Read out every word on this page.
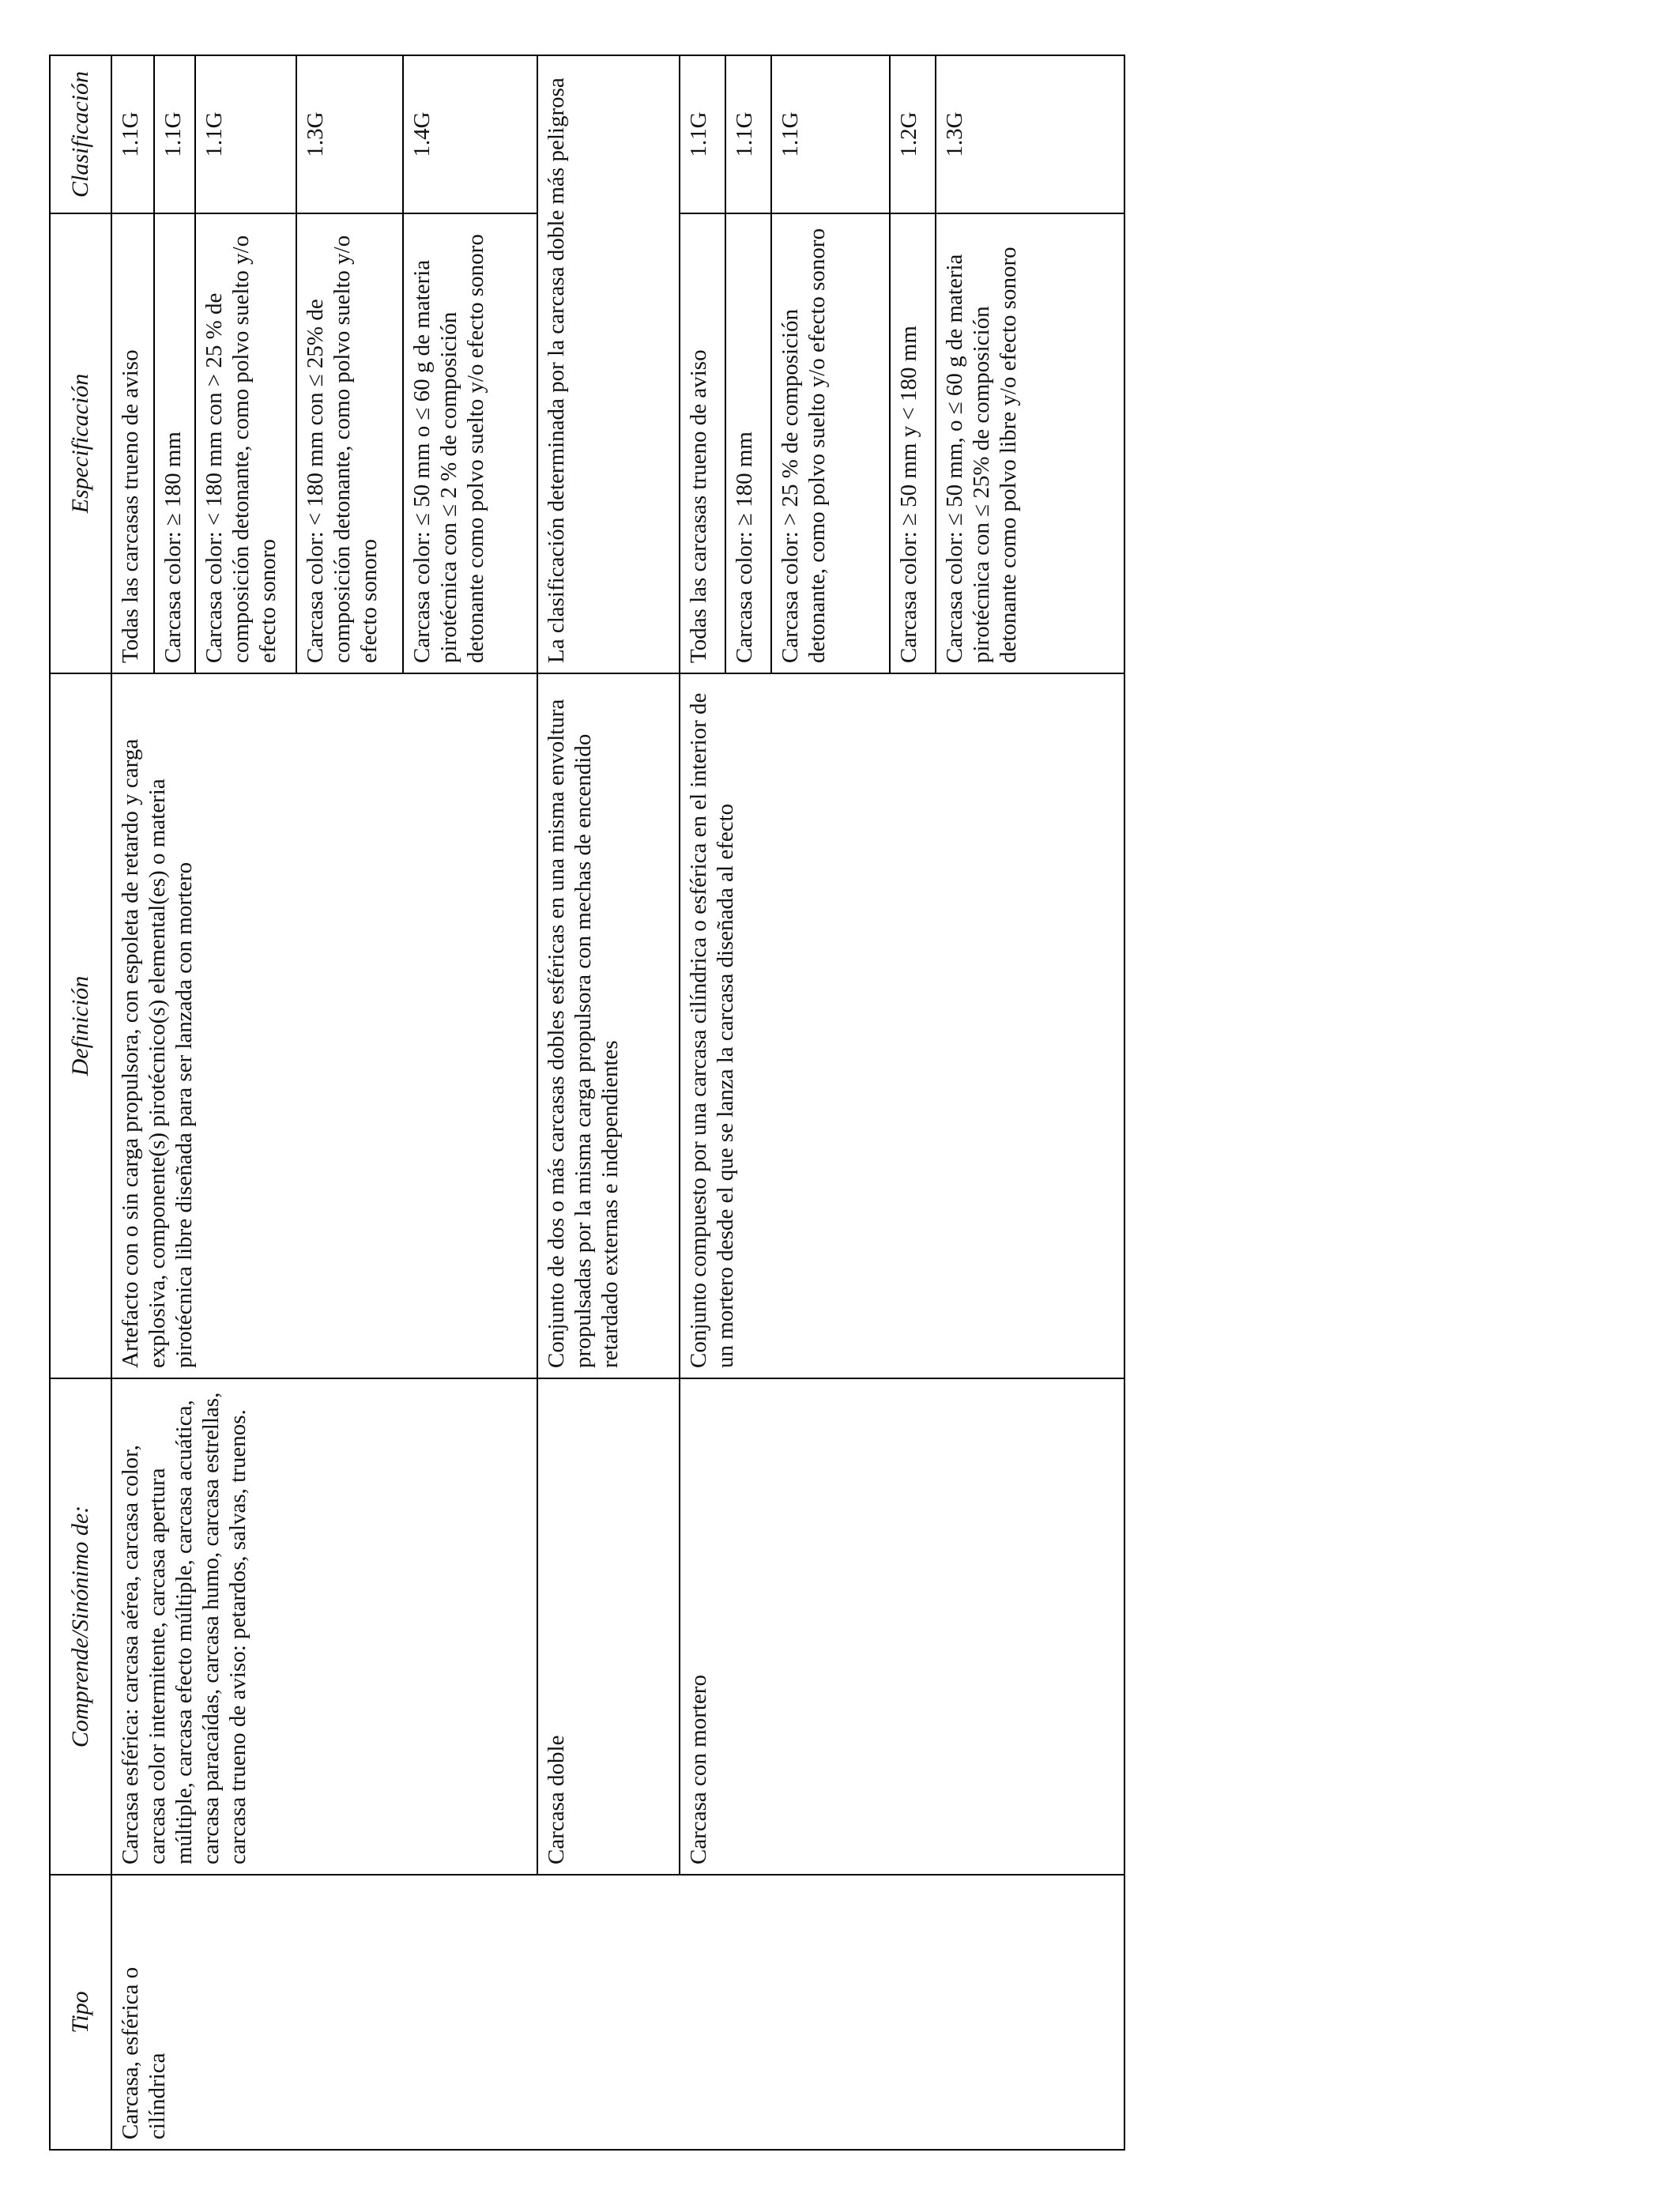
Tipo	Comprende/Sinónimo de:	Definición	Especificación	Clasificación
Carcasa, esférica o cilíndrica	Carcasa esférica: carcasa aérea, carcasa color, carcasa color intermitente, carcasa apertura múltiple, carcasa efecto múltiple, carcasa acuática, carcasa paracaídas, carcasa humo, carcasa estrellas, carcasa trueno de aviso: petardos, salvas, truenos.	Artefacto con o sin carga propulsora, con espoleta de retardo y carga explosiva, componente(s) pirotécnico(s) elemental(es) o materia pirotécnica libre diseñada para ser lanzada con mortero	Todas las carcasas trueno de aviso	1.1G
			Carcasa color: ≥ 180 mm	1.1G
			Carcasa color: < 180 mm con > 25 % de composición detonante, como polvo suelto y/o efecto sonoro	1.1G
			Carcasa color: < 180 mm con ≤ 25% de composición detonante, como polvo suelto y/o efecto sonoro	1.3G
			Carcasa color: ≤ 50 mm o ≤ 60 g de materia pirotécnica con ≤ 2 % de composición detonante como polvo suelto y/o efecto sonoro	1.4G
	Carcasa doble	Conjunto de dos o más carcasas dobles esféricas en una misma envoltura propulsadas por la misma carga propulsora con mechas de encendido retardado externas e independientes	La clasificación determinada por la carcasa doble más peligrosa	
	Carcasa con mortero	Conjunto compuesto por una carcasa cilíndrica o esférica en el interior de un mortero desde el que se lanza la carcasa diseñada al efecto	Todas las carcasas trueno de aviso	1.1G
			Carcasa color: ≥ 180 mm	1.1G
			Carcasa color: > 25 % de composición detonante, como polvo suelto y/o efecto sonoro	1.1G
			Carcasa color: ≥ 50 mm y < 180 mm	1.2G
			Carcasa color: ≤ 50 mm, o ≤ 60 g de materia pirotécnica con ≤ 25% de composición detonante como polvo libre y/o efecto sonoro	1.3G
